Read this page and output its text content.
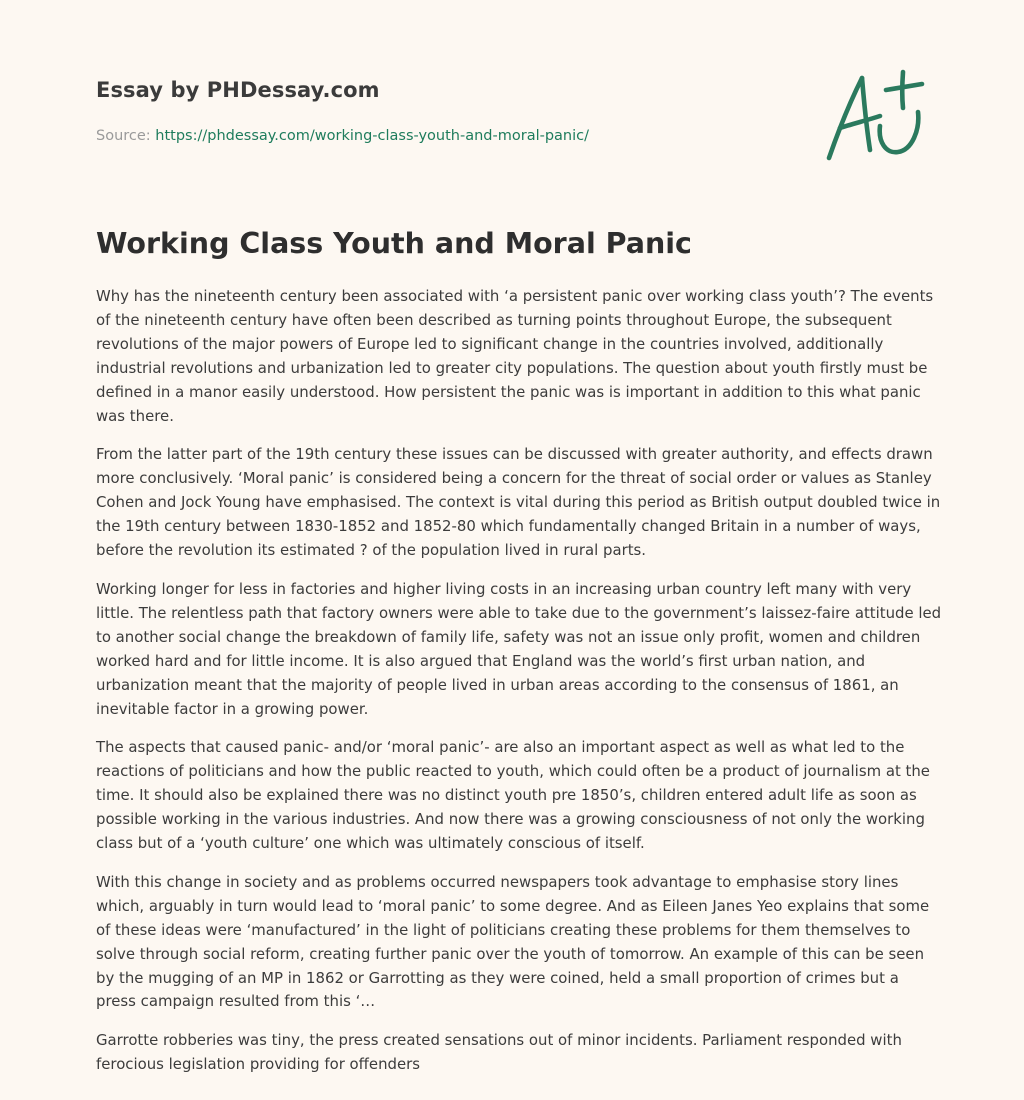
Essay by PHDessay.com
Source: https://phdessay.com/working-class-youth-and-moral-panic/
Working Class Youth and Moral Panic

Why has the nineteenth century been associated with ‘a persistent panic over working class youth’? The events of the nineteenth century have often been described as turning points throughout Europe, the subsequent revolutions of the major powers of Europe led to significant change in the countries involved, additionally industrial revolutions and urbanization led to greater city populations. The question about youth firstly must be defined in a manor easily understood. How persistent the panic was is important in addition to this what panic was there.

From the latter part of the 19th century these issues can be discussed with greater authority, and effects drawn more conclusively. ‘Moral panic’ is considered being a concern for the threat of social order or values as Stanley Cohen and Jock Young have emphasised. The context is vital during this period as British output doubled twice in the 19th century between 1830-1852 and 1852-80 which fundamentally changed Britain in a number of ways, before the revolution its estimated ? of the population lived in rural parts.

Working longer for less in factories and higher living costs in an increasing urban country left many with very little. The relentless path that factory owners were able to take due to the government’s laissez-faire attitude led to another social change the breakdown of family life, safety was not an issue only profit, women and children worked hard and for little income. It is also argued that England was the world’s first urban nation, and urbanization meant that the majority of people lived in urban areas according to the consensus of 1861, an inevitable factor in a growing power.

The aspects that caused panic- and/or ‘moral panic’- are also an important aspect as well as what led to the reactions of politicians and how the public reacted to youth, which could often be a product of journalism at the time. It should also be explained there was no distinct youth pre 1850’s, children entered adult life as soon as possible working in the various industries. And now there was a growing consciousness of not only the working class but of a ‘youth culture’ one which was ultimately conscious of itself.

With this change in society and as problems occurred newspapers took advantage to emphasise story lines which, arguably in turn would lead to ‘moral panic’ to some degree. And as Eileen Janes Yeo explains that some of these ideas were ‘manufactured’ in the light of politicians creating these problems for them themselves to solve through social reform, creating further panic over the youth of tomorrow. An example of this can be seen by the mugging of an MP in 1862 or Garrotting as they were coined, held a small proportion of crimes but a press campaign resulted from this ‘…

Garrotte robberies was tiny, the press created sensations out of minor incidents. Parliament responded with ferocious legislation providing for offenders
